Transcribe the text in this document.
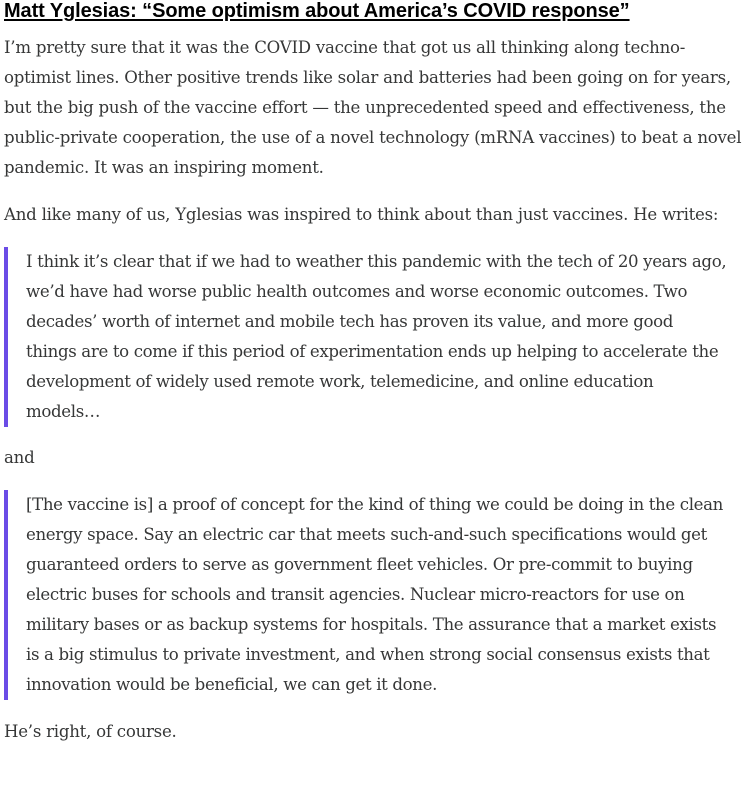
Matt Yglesias: “Some optimism about America’s COVID response”

I’m pretty sure that it was the COVID vaccine that got us all thinking along techno-optimist lines. Other positive trends like solar and batteries had been going on for years, but the big push of the vaccine effort — the unprecedented speed and effectiveness, the public-private cooperation, the use of a novel technology (mRNA vaccines) to beat a novel pandemic. It was an inspiring moment.

And like many of us, Yglesias was inspired to think about than just vaccines. He writes:

I think it’s clear that if we had to weather this pandemic with the tech of 20 years ago, we’d have had worse public health outcomes and worse economic outcomes. Two decades’ worth of internet and mobile tech has proven its value, and more good things are to come if this period of experimentation ends up helping to accelerate the development of widely used remote work, telemedicine, and online education models…

and

[The vaccine is] a proof of concept for the kind of thing we could be doing in the clean energy space. Say an electric car that meets such-and-such specifications would get guaranteed orders to serve as government fleet vehicles. Or pre-commit to buying electric buses for schools and transit agencies. Nuclear micro-reactors for use on military bases or as backup systems for hospitals. The assurance that a market exists is a big stimulus to private investment, and when strong social consensus exists that innovation would be beneficial, we can get it done.

He’s right, of course.
